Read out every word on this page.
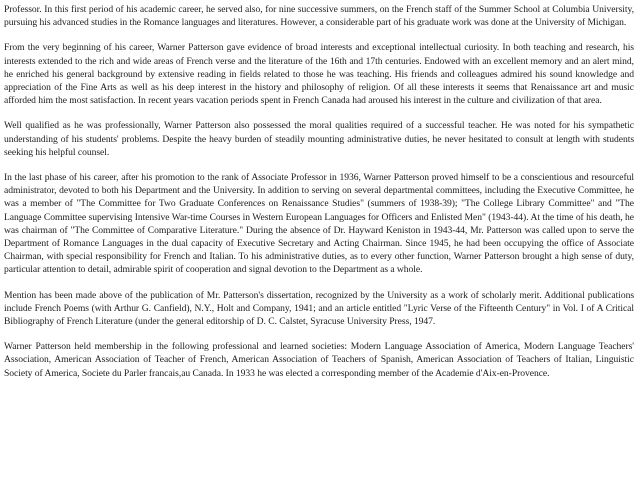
Professor. In this first period of his academic career, he served also, for nine successive summers, on the French staff of the Summer School at Columbia University, pursuing his advanced studies in the Romance languages and literatures. However, a considerable part of his graduate work was done at the University of Michigan.

From the very beginning of his career, Warner Patterson gave evidence of broad interests and exceptional intellectual curiosity. In both teaching and research, his interests extended to the rich and wide areas of French verse and the literature of the 16th and 17th centuries. Endowed with an excellent memory and an alert mind, he enriched his general background by extensive reading in fields related to those he was teaching. His friends and colleagues admired his sound knowledge and appreciation of the Fine Arts as well as his deep interest in the history and philosophy of religion. Of all these interests it seems that Renaissance art and music afforded him the most satisfaction. In recent years vacation periods spent in French Canada had aroused his interest in the culture and civilization of that area.

Well qualified as he was professionally, Warner Patterson also possessed the moral qualities required of a successful teacher. He was noted for his sympathetic understanding of his students' problems. Despite the heavy burden of steadily mounting administrative duties, he never hesitated to consult at length with students seeking his helpful counsel.

In the last phase of his career, after his promotion to the rank of Associate Professor in 1936, Warner Patterson proved himself to be a conscientious and resourceful administrator, devoted to both his Department and the University. In addition to serving on several departmental committees, including the Executive Committee, he was a member of "The Committee for Two Graduate Conferences on Renaissance Studies" (summers of 1938-39); "The College Library Committee" and "The Language Committee supervising Intensive War-time Courses in Western European Languages for Officers and Enlisted Men" (1943-44). At the time of his death, he was chairman of "The Committee of Comparative Literature." During the absence of Dr. Hayward Keniston in 1943-44, Mr. Patterson was called upon to serve the Department of Romance Languages in the dual capacity of Executive Secretary and Acting Chairman. Since 1945, he had been occupying the office of Associate Chairman, with special responsibility for French and Italian. To his administrative duties, as to every other function, Warner Patterson brought a high sense of duty, particular attention to detail, admirable spirit of cooperation and signal devotion to the Department as a whole.

Mention has been made above of the publication of Mr. Patterson's dissertation, recognized by the University as a work of scholarly merit. Additional publications include French Poems (with Arthur G. Canfield), N.Y., Holt and Company, 1941; and an article entitled "Lyric Verse of the Fifteenth Century" in Vol. I of A Critical Bibliography of French Literature (under the general editorship of D. C. Calstet, Syracuse University Press, 1947.

Warner Patterson held membership in the following professional and learned societies: Modern Language Association of America, Modern Language Teachers' Association, American Association of Teacher of French, American Association of Teachers of Spanish, American Association of Teachers of Italian, Linguistic Society of America, Societe du Parler francais,au Canada. In 1933 he was elected a corresponding member of the Academie d'Aix-en-Provence.
